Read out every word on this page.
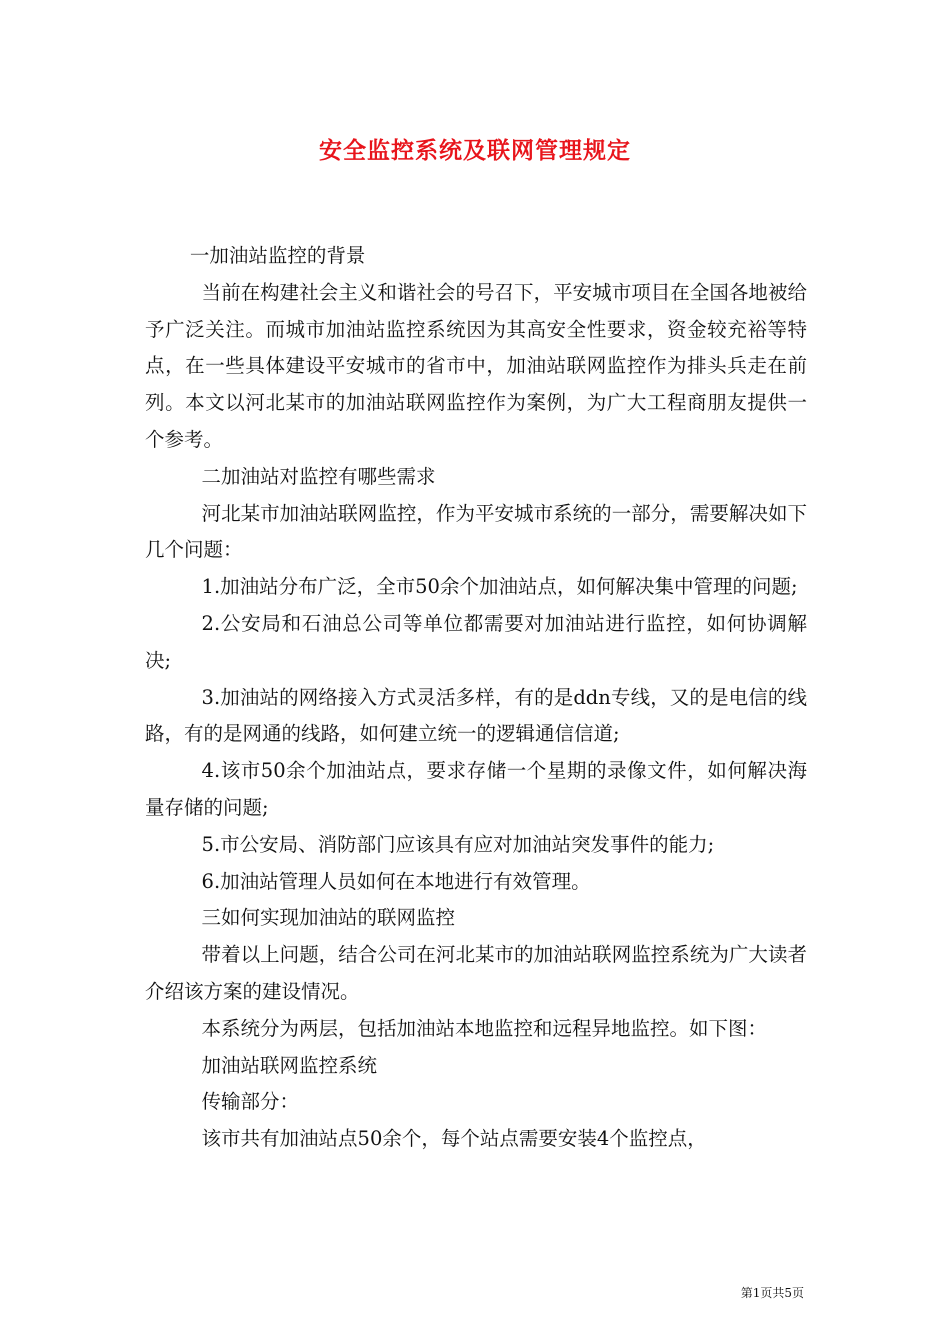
安全监控系统及联网管理规定

一加油站监控的背景

当前在构建社会主义和谐社会的号召下，平安城市项目在全国各地被给予广泛关注。而城市加油站监控系统因为其高安全性要求，资金较充裕等特点，在一些具体建设平安城市的省市中，加油站联网监控作为排头兵走在前列。本文以河北某市的加油站联网监控作为案例，为广大工程商朋友提供一个参考。

二加油站对监控有哪些需求

河北某市加油站联网监控，作为平安城市系统的一部分，需要解决如下几个问题：

1.加油站分布广泛，全市50余个加油站点，如何解决集中管理的问题;

2.公安局和石油总公司等单位都需要对加油站进行监控，如何协调解决;

3.加油站的网络接入方式灵活多样，有的是ddn专线，又的是电信的线路，有的是网通的线路，如何建立统一的逻辑通信信道;

4.该市50余个加油站点，要求存储一个星期的录像文件，如何解决海量存储的问题;

5.市公安局、消防部门应该具有应对加油站突发事件的能力;

6.加油站管理人员如何在本地进行有效管理。

三如何实现加油站的联网监控

带着以上问题，结合公司在河北某市的加油站联网监控系统为广大读者介绍该方案的建设情况。

本系统分为两层，包括加油站本地监控和远程异地监控。如下图：

加油站联网监控系统

传输部分：

该市共有加油站点50余个，每个站点需要安装4个监控点，

第1页共5页
